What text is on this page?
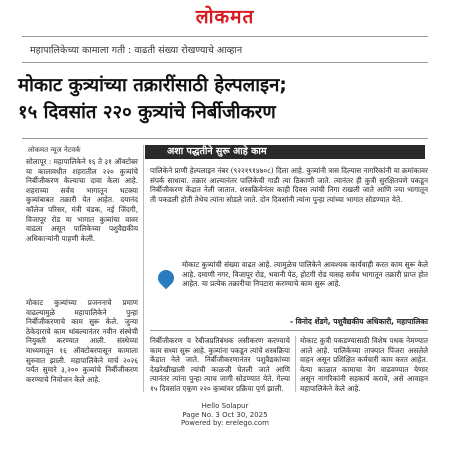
लोकमत
महापालिकेच्या कामाला गती : वाढती संख्या रोखण्याचे आव्हान
मोकाट कुत्र्यांच्या तक्रारींसाठी हेल्पलाइन;
१५ दिवसांत २२० कुत्र्यांचे निर्बीजीकरण
लोकमत न्यूज नेटवर्क
सोलापूर : महापालिकेने १६ ते ३१ ऑक्टोबर या कालावधीत शहरातील २२० कुत्र्यांचे निर्बीजीकरण केल्याचा दावा केला आहे. शहराच्या सर्वच भागातून भटक्या कुत्र्यांबाबत तक्रारी येत आहेत. दयानंद कॉलेज परिसर, मंत्री चंडक, नई जिंदगी, विजापूर रोड या भागात कुत्र्यांचा वावर वाढला असून पालिकेच्या पशुवैद्यकीय अधिकाऱ्यांनी पाहणी केली.
मोकाट कुत्र्यांच्या प्रजननाचे प्रमाण वाढल्यामुळे महापालिकेने पुन्हा निर्बीजीकरणाचे काम सुरू केले. जुन्या ठेकेदाराचे काम थांबल्यानंतर नवीन संस्थेची नियुक्ती करण्यात आली. संस्थेच्या माध्यमातून १६ ऑक्टोबरपासून कामाला सुरुवात झाली. महापालिकेने मार्च २०२६ पर्यंत सुमारे ३,२०० कुत्र्यांचे निर्बीजीकरण करण्याचे नियोजन केले आहे.
अशा पद्धतीने सुरू आहे काम
पालिकेने प्राणी हेल्पलाइन नंबर (९२२१९१४७०८) दिला आहे. कुत्र्यांनी त्रास दिल्यास नागरिकांनी या क्रमांकावर संपर्क साधावा. तक्रार आल्यानंतर पालिकेची गाडी त्या ठिकाणी जाते. त्यानंतर ही कुत्री सुरक्षितपणे पकडून निर्बीजीकरण केंद्रात नेली जातात. शस्त्रक्रियेनंतर काही दिवस त्यांची निगा राखली जाते आणि ज्या भागातून ती पकडली होती तेथेच त्यांना सोडले जाते. दोन दिवसांनी त्यांना पुन्हा त्यांच्या भागात सोडण्यात येते.
मोकाट कुत्र्यांची संख्या वाढत आहे. त्यामुळेच पालिकेने आवश्यक कार्यवाही करत काम सुरू केले आहे. दमाणी नगर, विजापूर रोड, भवानी पेठ, होटगी रोड यासह सर्वच भागातून तक्रारी प्राप्त होत आहेत. या प्रत्येक तक्रारीचा निपटारा करण्याचे काम सुरू आहे.
- विनोद शेंडगे, पशुवैद्यकीय अधिकारी, महापालिका
निर्बीजीकरण व रेबीजप्रतिबंधक लसीकरण करण्याचे काम सध्या सुरू आहे. कुत्र्यांना पकडून त्यांचे शस्त्रक्रिया केंद्रात नेले जाते. निर्बीजीकरणानंतर पशुवैद्यकांच्या देखरेखीखाली त्यांची काळजी घेतली जाते आणि त्यानंतर त्यांना पुन्हा त्याच जागी सोडण्यात येते. गेल्या १५ दिवसांत एकूण २२० कुत्र्यांवर प्रक्रिया पूर्ण झाली.
मोकाट कुत्री पकडण्यासाठी विशेष पथक नेमण्यात आले आहे. पालिकेच्या ताफ्यात पिंजरा असलेले वाहन असून प्रशिक्षित कर्मचारी काम करत आहेत. येत्या काळात कामाचा वेग वाढवण्यात येणार असून नागरिकांनी सहकार्य करावे, असे आवाहन महापालिकेने केले आहे.
Hello Solapur
Page No. 3 Oct 30, 2025
Powered by: erelego.com
